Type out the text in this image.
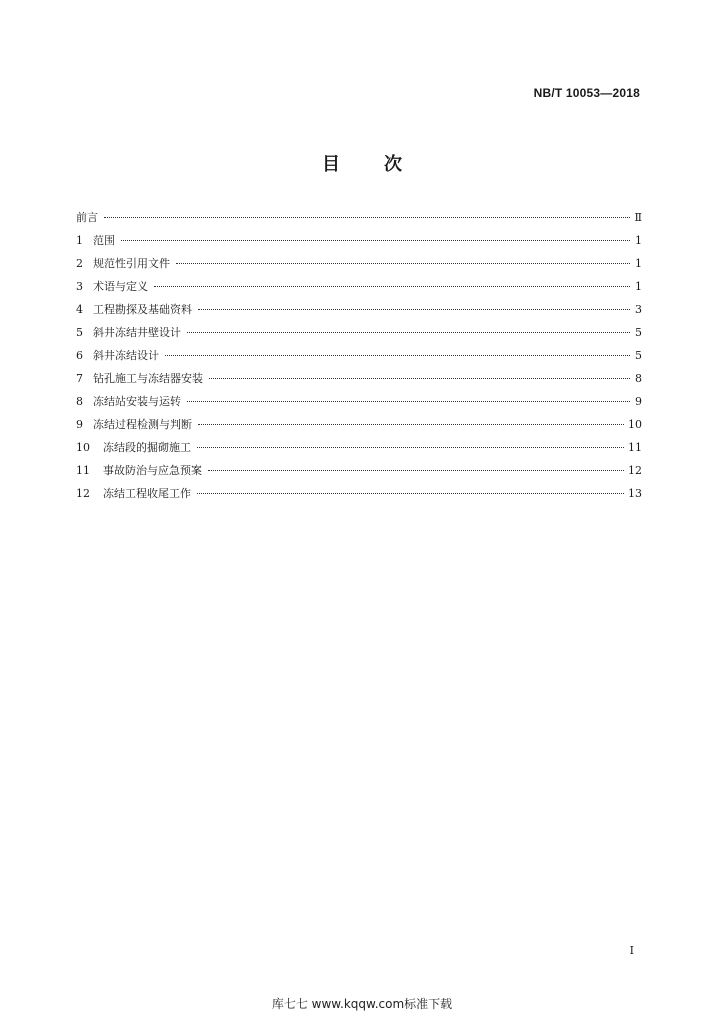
NB/T 10053—2018
目 次
前言	Ⅱ
1 范围	1
2 规范性引用文件	1
3 术语与定义	1
4 工程勘探及基础资料	3
5 斜井冻结井壁设计	5
6 斜井冻结设计	5
7 钻孔施工与冻结器安装	8
8 冻结站安装与运转	9
9 冻结过程检测与判断	10
10	冻结段的掘砌施工	11
11	事故防治与应急预案	12
12	冻结工程收尾工作	13
I
库七七 www.kqqw.com标准下载
